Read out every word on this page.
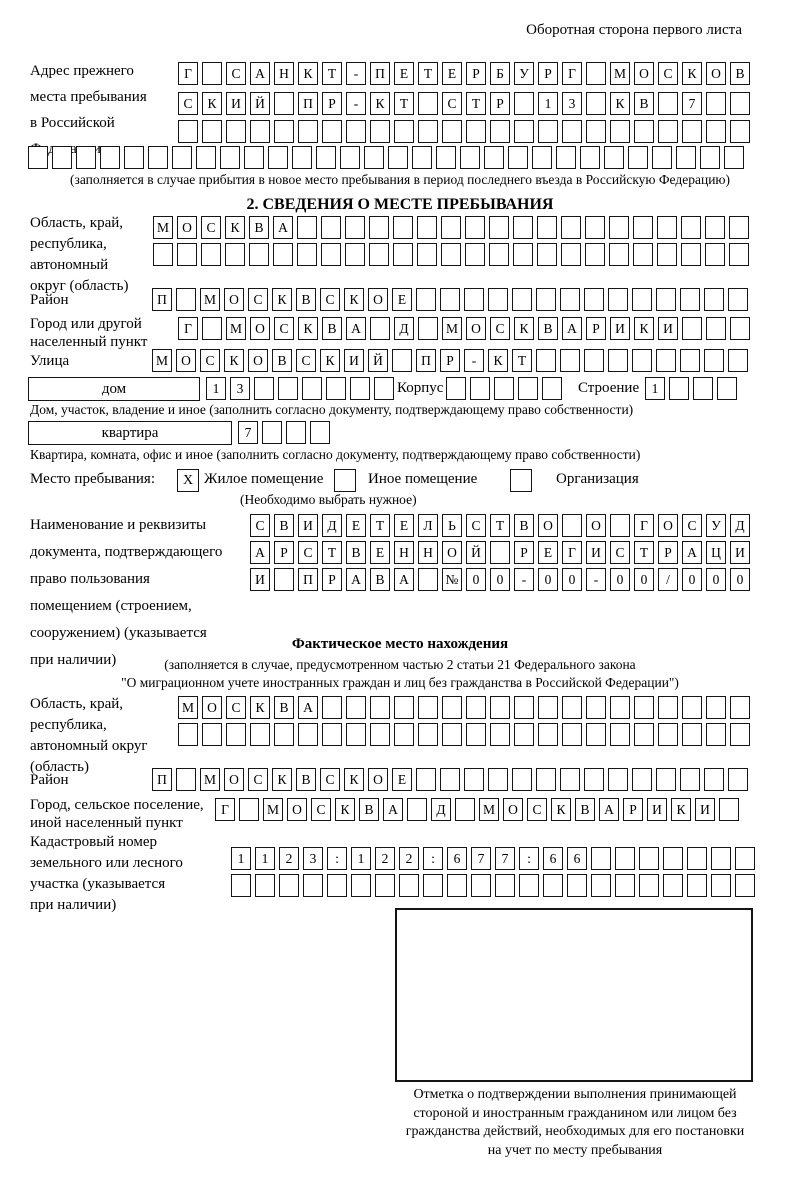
Оборотная сторона первого листа
Адрес прежнего
места пребывания
в Российской
Г	С	А	Н	К	Т	-	П	Е	Т	Е	Р	Б	У	Р	Г	М О	С	К	О	В
С	К	И	Й	П	Р	-	К	Т	С	Т	Р	1	3	К	В	7
(заполняется в случае прибытия в новое место пребывания в период последнего въезда в Российскую Федерацию)
2. СВЕДЕНИЯ О МЕСТЕ ПРЕБЫВАНИЯ
Область, край,
республика,
автономный
округ (область)
М О	С	К	В	А
Район	П	М О	С	К	В	С	К	О	Е
Город или другой
населенный пункт
Г	М О	С	К	В	А	Д	М О	С	К	В	А	Р	И	К	И
Улица	М О	С	К	О	В	С	К	И	Й	П	Р	-	К	Т
дом	1	3	Корпус	Строение 1
Дом, участок, владение и иное (заполнить согласно документу, подтверждающему право собственности)
квартира	7
Квартира, комната, офис и иное (заполнить согласно документу, подтверждающему право собственности)
Место пребывания:	X Жилое помещение	Иное помещение	Организация
(Необходимо выбрать нужное)
Наименование и реквизиты
документа, подтверждающего
право пользования
помещением (строением,
сооружением) (указывается
при наличии)
С	В	И	Д	Е	Т	Е	Л	Ь	С	Т	В	О	О	Г	О	С	У	Д
А	Р	С	Т	В	Е	Н	Н	О	Й	Р	Е	Г	И	С	Т	Р	А	Ц	И
И	П	Р	А	В	А	№	0	0	-	0	0	-	0	0	/	0	0	0
Фактическое место нахождения
(заполняется в случае, предусмотренном частью 2 статьи 21 Федерального закона
"О миграционном учете иностранных граждан и лиц без гражданства в Российской Федерации")
Область, край,
республика,
автономный округ
(область)
М О	С	К	В	А
Район	П	М О	С	К	В	С	К	О	Е
Город, сельское поселение,
иной населенный пункт
Г	М О	С	К	В	А	Д	М О	С	К	В	А	Р	И	К	И
Кадастровый номер
земельного или лесного
участка (указывается
при наличии)
1	1	2	3	:	1	2	2	:	6	7	7	:	6	6
Отметка о подтверждении выполнения принимающей
стороной и иностранным гражданином или лицом без
гражданства действий, необходимых для его постановки
на учет по месту пребывания
